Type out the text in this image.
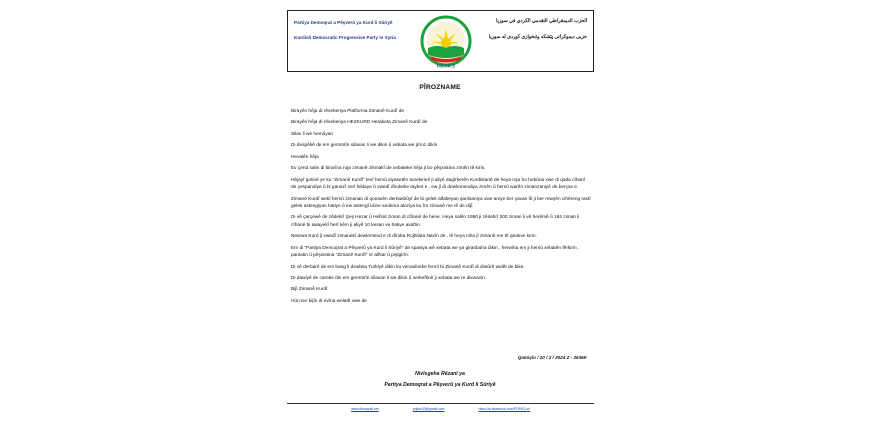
Partiya Demoqrat a Pêşverû ya Kurd li Sûriyê
Kurdish Democratic Progressive Party in Syria
P.D.P.K.S
الحزب الديمقراطي التقدمي الكردي في سوريا
حزبی دیموکراتی پێشکه وتنخوازی کوردی له سوریا
PÎROZNAME

Birayên hêja di rêveberiya Platforma Zimanê Kurdî de

Birayên hêja di rêveberiya HEZKURD Heraketa Zimanê Kurdî de

Silav li we hemûyan

Di despêkê de em germtirîn silavan li we dikin û xebata we pîroz dikin

Hevalên hêja

Ev çend salin di birarîna roja zimanê zikmakî de xebateke hêja ji bo pêşxistina zimên tê kirin.

Hêjayî gotinê ye ku "Zimanê Kurdî" tevî hemû siyasetên tunekirinê ji aliyê dagîrkerên Kurdistanê de heya roja îro hebûna xwe di qada cîhanî de çespandiye û bi ganazî serî hildaye û xwedî dîrokeke taybet e , ew jî di dewlemendiya zimên û hemû warên zimanzaniyê de berçav e.

Zimanê Kurdî wekî hemû zimanan di qonaxên derbasbûyî de bi gelek alfabeyan şaristaniya xwe aniye ber çavan lê ji ber rewşên cihêreng rastî gelek astengiyan hatiye û ew astengî bûne sedema aloziya ku îro zimanê me tê de dijî.

Di vê çarçewê de zêdetirî Şeş Hezar û Hefsid ziman di cîhanê de hene. Heya salên 1950 ji zêdetirî 200 ziman li vê herêmê û 184 ziman li cîhanê bi awayekî herî kêm ji aliyê 10 kesan ve hatiye axaftin.

Netewa Kurd jî xwedî zimanekî dewlemend e di dîroka Rojhilata Navîn de , lê heya niha jî zimanê me tê qedexe kirin.

Em di "Partiya Demoqrat a Pêşverû ya Kurd li Sûriyê" de spasiya wê xebata we ya giranbuha dikin , herwiha em ji hemû xebatên fêrkirin , parastin û pêşxistina "Zimanê Kurdî" re alîkar û piştgirîn.

Di vê derbarê de em bang li dewleta Turkiyê dikin ku venasîneke fermî bi Zimanê Kurdî di distûrê welêt de bike.

Di dawiyê de careke din em germtirîn silavan li we dikin û serkeftinê ji xebata we re dixwazin.

Bijî Zimanê Kurdî

Hûn tev bijîn di evîna welatê xwe de

Qamişlo / 20 / 2 / 2024 Z - 2636K
Nivîsgeha Rêzanî ya
Partiya Demoqrat a Pêşverû ya Kurd li Sûriyê
www.dimoqrati.net	pdpks33@gmail.com	https://w.facebook.com/PDPKS.sh
